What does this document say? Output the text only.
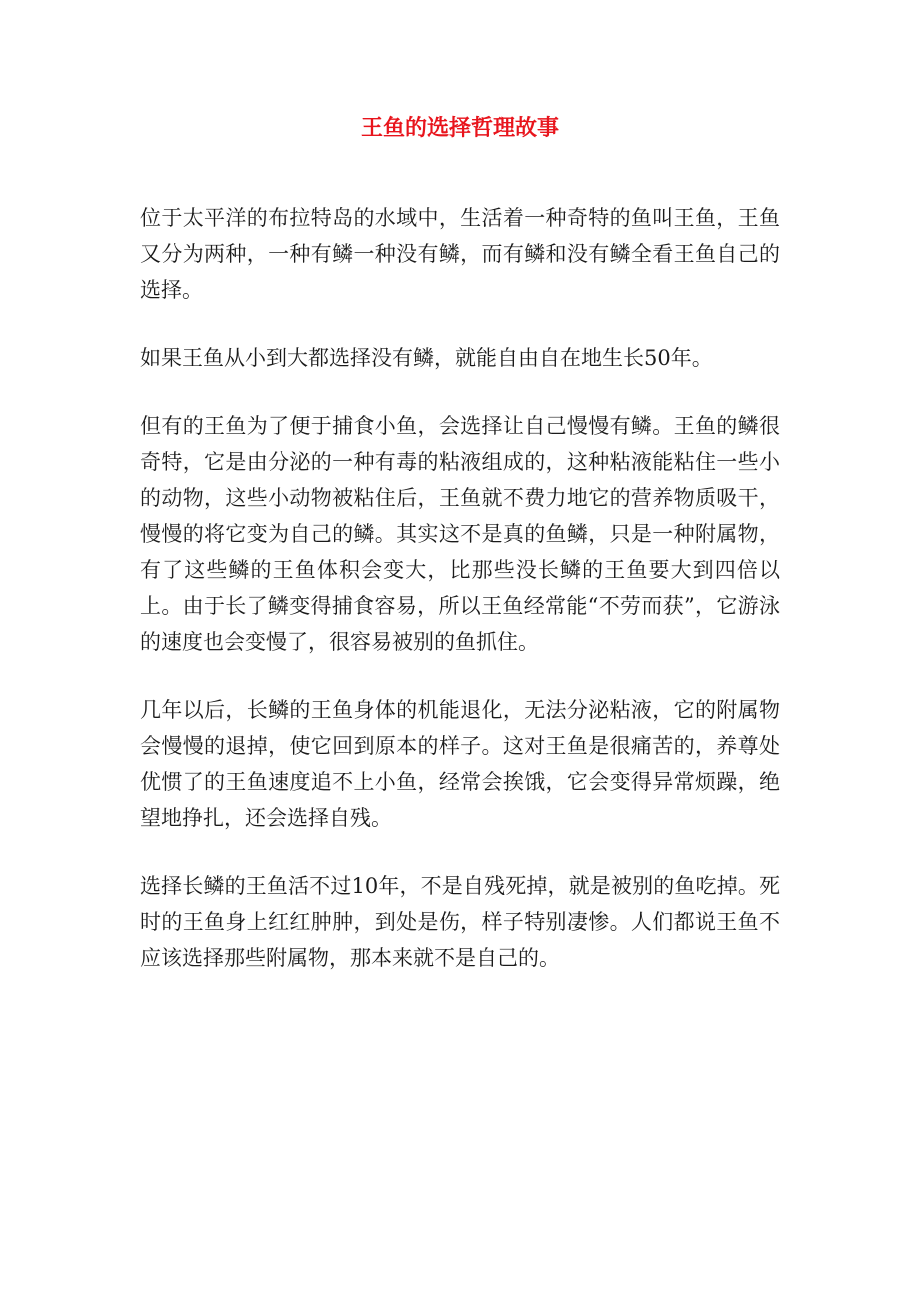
王鱼的选择哲理故事

位于太平洋的布拉特岛的水域中，生活着一种奇特的鱼叫王鱼，王鱼又分为两种，一种有鳞一种没有鳞，而有鳞和没有鳞全看王鱼自己的选择。

如果王鱼从小到大都选择没有鳞，就能自由自在地生长50年。

但有的王鱼为了便于捕食小鱼，会选择让自己慢慢有鳞。王鱼的鳞很奇特，它是由分泌的一种有毒的粘液组成的，这种粘液能粘住一些小的动物，这些小动物被粘住后，王鱼就不费力地它的营养物质吸干，慢慢的将它变为自己的鳞。其实这不是真的鱼鳞，只是一种附属物，有了这些鳞的王鱼体积会变大，比那些没长鳞的王鱼要大到四倍以上。由于长了鳞变得捕食容易，所以王鱼经常能“不劳而获”，它游泳的速度也会变慢了，很容易被别的鱼抓住。

几年以后，长鳞的王鱼身体的机能退化，无法分泌粘液，它的附属物会慢慢的退掉，使它回到原本的样子。这对王鱼是很痛苦的，养尊处优惯了的王鱼速度追不上小鱼，经常会挨饿，它会变得异常烦躁，绝望地挣扎，还会选择自残。

选择长鳞的王鱼活不过10年，不是自残死掉，就是被别的鱼吃掉。死时的王鱼身上红红肿肿，到处是伤，样子特别凄惨。人们都说王鱼不应该选择那些附属物，那本来就不是自己的。
